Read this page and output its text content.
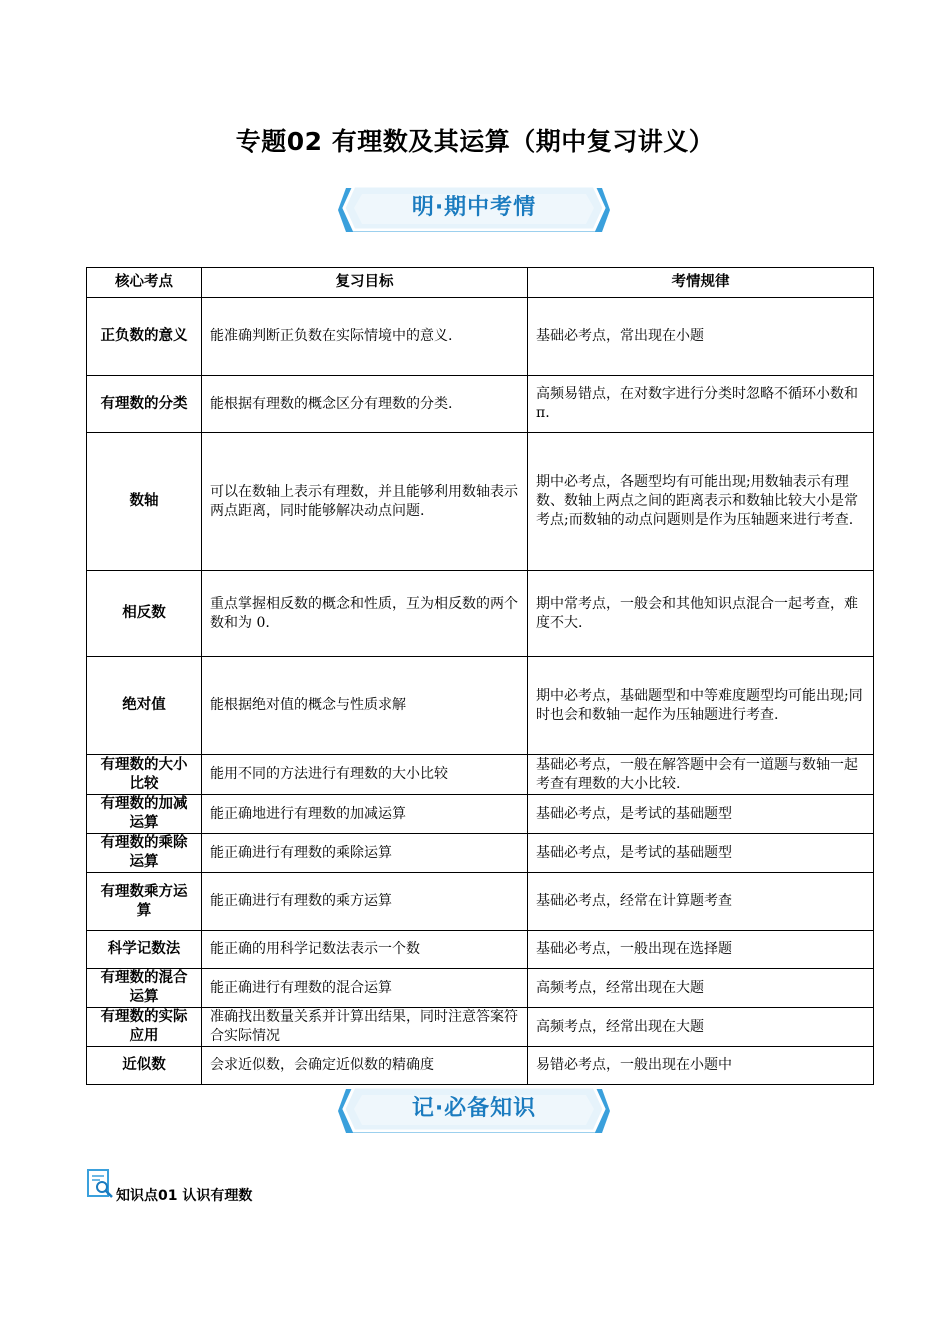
专题02 有理数及其运算（期中复习讲义）
明·期中考情
核心考点	复习目标	考情规律
正负数的意义	能准确判断正负数在实际情境中的意义.	基础必考点，常出现在小题
有理数的分类	能根据有理数的概念区分有理数的分类.	高频易错点，在对数字进行分类时忽略不循环小数和π.
数轴	可以在数轴上表示有理数，并且能够利用数轴表示两点距离，同时能够解决动点问题.	期中必考点，各题型均有可能出现;用数轴表示有理数、数轴上两点之间的距离表示和数轴比较大小是常考点;而数轴的动点问题则是作为压轴题来进行考查.
相反数	重点掌握相反数的概念和性质，互为相反数的两个数和为 0.	期中常考点，一般会和其他知识点混合一起考查，难度不大.
绝对值	能根据绝对值的概念与性质求解	期中必考点，基础题型和中等难度题型均可能出现;同时也会和数轴一起作为压轴题进行考查.
有理数的大小比较	能用不同的方法进行有理数的大小比较	基础必考点，一般在解答题中会有一道题与数轴一起考查有理数的大小比较.
有理数的加减运算	能正确地进行有理数的加减运算	基础必考点，是考试的基础题型
有理数的乘除运算	能正确进行有理数的乘除运算	基础必考点，是考试的基础题型
有理数乘方运算	能正确进行有理数的乘方运算	基础必考点，经常在计算题考查
科学记数法	能正确的用科学记数法表示一个数	基础必考点，一般出现在选择题
有理数的混合运算	能正确进行有理数的混合运算	高频考点，经常出现在大题
有理数的实际应用	准确找出数量关系并计算出结果，同时注意答案符合实际情况	高频考点，经常出现在大题
近似数	会求近似数，会确定近似数的精确度	易错必考点，一般出现在小题中
记·必备知识
知识点01 认识有理数
